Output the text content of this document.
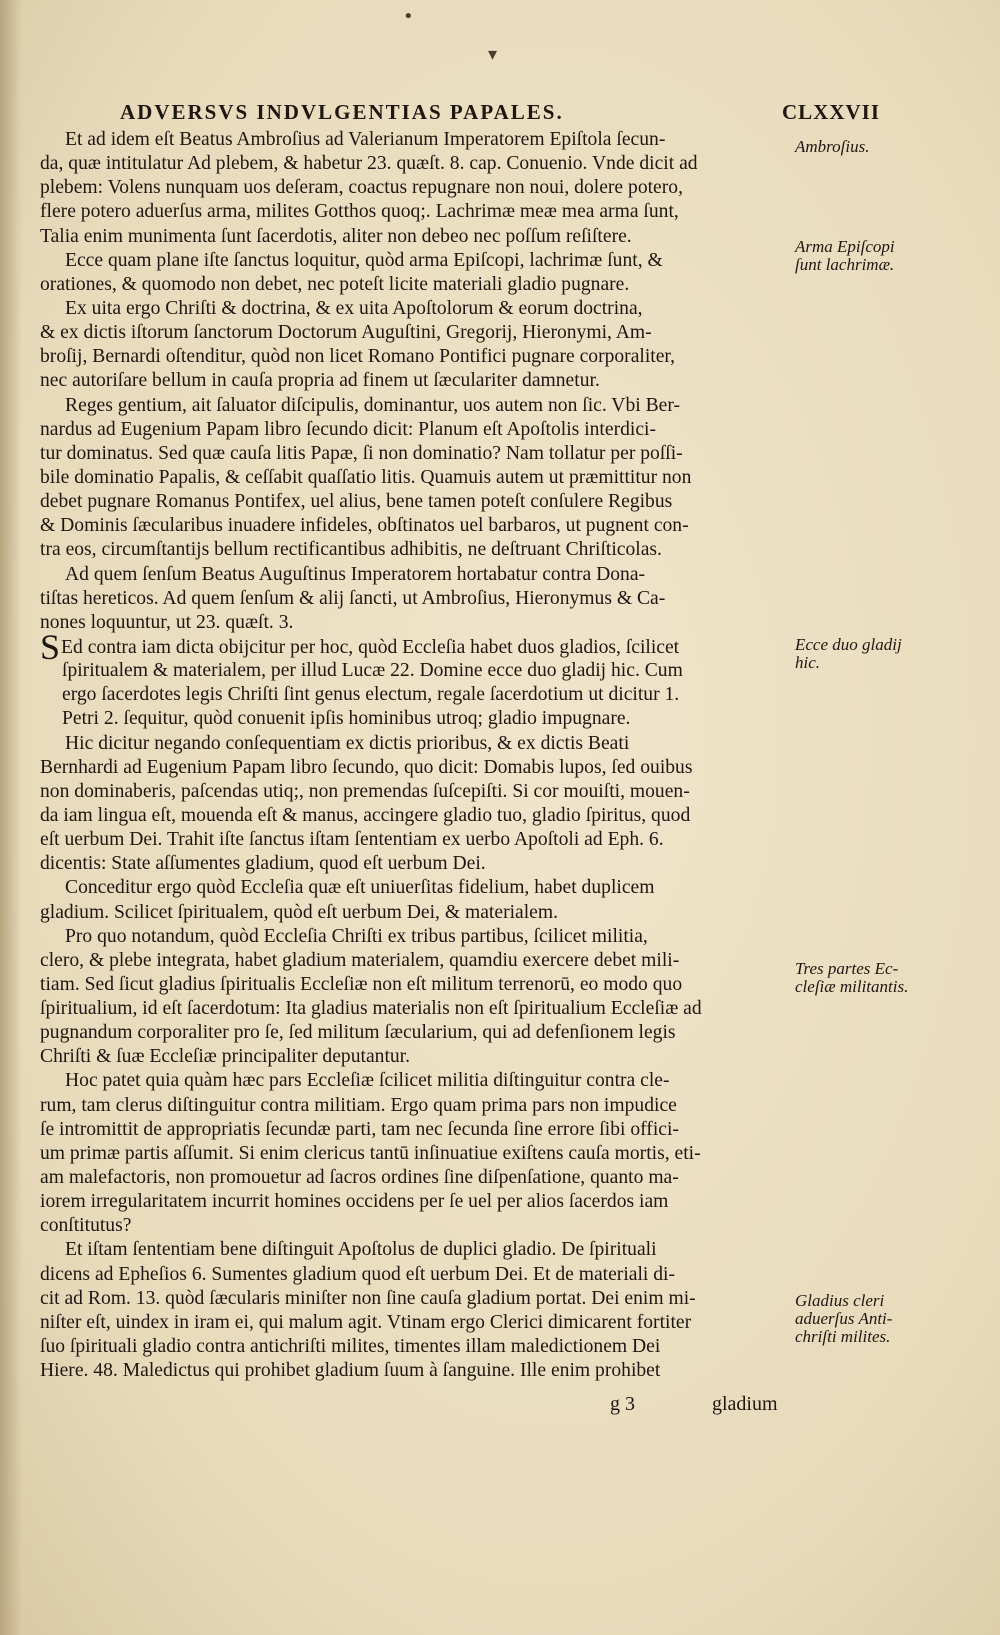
•
▾
ADVERSVS INDVLGENTIAS PAPALES.	CLXXVII
Et ad idem eſt Beatus Ambroſius ad Valerianum Imperatorem Epiſtola ſecun-
da, quæ intitulatur Ad plebem, & habetur 23. quæſt. 8. cap. Conuenio. Vnde dicit ad
plebem: Volens nunquam uos deſeram, coactus repugnare non noui, dolere potero,
flere potero aduerſus arma, milites Gotthos quoq;. Lachrimæ meæ mea arma ſunt,
Talia enim munimenta ſunt ſacerdotis, aliter non debeo nec poſſum reſiſtere.
Ecce quam plane iſte ſanctus loquitur, quòd arma Epiſcopi, lachrimæ ſunt, &
orationes, & quomodo non debet, nec poteſt licite materiali gladio pugnare.
Ex uita ergo Chriſti & doctrina, & ex uita Apoſtolorum & eorum doctrina,
& ex dictis iſtorum ſanctorum Doctorum Auguſtini, Gregorij, Hieronymi, Am-
broſij, Bernardi oſtenditur, quòd non licet Romano Pontifici pugnare corporaliter,
nec autoriſare bellum in cauſa propria ad finem ut ſæculariter damnetur.
Reges gentium, ait ſaluator diſcipulis, dominantur, uos autem non ſic. Vbi Ber-
nardus ad Eugenium Papam libro ſecundo dicit: Planum eſt Apoſtolis interdici-
tur dominatus. Sed quæ cauſa litis Papæ, ſi non dominatio? Nam tollatur per poſſi-
bile dominatio Papalis, & ceſſabit quaſſatio litis. Quamuis autem ut præmittitur non
debet pugnare Romanus Pontifex, uel alius, bene tamen poteſt conſulere Regibus
& Dominis ſæcularibus inuadere infideles, obſtinatos uel barbaros, ut pugnent con-
tra eos, circumſtantijs bellum rectificantibus adhibitis, ne deſtruant Chriſticolas.
Ad quem ſenſum Beatus Auguſtinus Imperatorem hortabatur contra Dona-
tiſtas hereticos. Ad quem ſenſum & alij ſancti, ut Ambroſius, Hieronymus & Ca-
nones loquuntur, ut 23. quæſt. 3.
SEd contra iam dicta obijcitur per hoc, quòd Eccleſia habet duos gladios, ſcilicet
ſpiritualem & materialem, per illud Lucæ 22. Domine ecce duo gladij hic. Cum
ergo ſacerdotes legis Chriſti ſint genus electum, regale ſacerdotium ut dicitur 1.
Petri 2. ſequitur, quòd conuenit ipſis hominibus utroq; gladio impugnare.
Hic dicitur negando conſequentiam ex dictis prioribus, & ex dictis Beati
Bernhardi ad Eugenium Papam libro ſecundo, quo dicit: Domabis lupos, ſed ouibus
non dominaberis, paſcendas utiq;, non premendas ſuſcepiſti. Si cor mouiſti, mouen-
da iam lingua eſt, mouenda eſt & manus, accingere gladio tuo, gladio ſpiritus, quod
eſt uerbum Dei. Trahit iſte ſanctus iſtam ſententiam ex uerbo Apoſtoli ad Eph. 6.
dicentis: State aſſumentes gladium, quod eſt uerbum Dei.
Conceditur ergo quòd Eccleſia quæ eſt uniuerſitas fidelium, habet duplicem
gladium. Scilicet ſpiritualem, quòd eſt uerbum Dei, & materialem.
Pro quo notandum, quòd Eccleſia Chriſti ex tribus partibus, ſcilicet militia,
clero, & plebe integrata, habet gladium materialem, quamdiu exercere debet mili-
tiam. Sed ſicut gladius ſpiritualis Eccleſiæ non eſt militum terrenorū, eo modo quo
ſpiritualium, id eſt ſacerdotum: Ita gladius materialis non eſt ſpiritualium Eccleſiæ ad
pugnandum corporaliter pro ſe, ſed militum ſæcularium, qui ad defenſionem legis
Chriſti & ſuæ Eccleſiæ principaliter deputantur.
Hoc patet quia quàm hæc pars Eccleſiæ ſcilicet militia diſtinguitur contra cle-
rum, tam clerus diſtinguitur contra militiam. Ergo quam prima pars non impudice
ſe intromittit de appropriatis ſecundæ parti, tam nec ſecunda ſine errore ſibi offici-
um primæ partis aſſumit. Si enim clericus tantū inſinuatiue exiſtens cauſa mortis, eti-
am malefactoris, non promouetur ad ſacros ordines ſine diſpenſatione, quanto ma-
iorem irregularitatem incurrit homines occidens per ſe uel per alios ſacerdos iam
conſtitutus?
Et iſtam ſententiam bene diſtinguit Apoſtolus de duplici gladio. De ſpirituali
dicens ad Epheſios 6. Sumentes gladium quod eſt uerbum Dei. Et de materiali di-
cit ad Rom. 13. quòd ſæcularis miniſter non ſine cauſa gladium portat. Dei enim mi-
niſter eſt, uindex in iram ei, qui malum agit. Vtinam ergo Clerici dimicarent fortiter
ſuo ſpirituali gladio contra antichriſti milites, timentes illam maledictionem Dei
Hiere. 48. Maledictus qui prohibet gladium ſuum à ſanguine. Ille enim prohibet
g 3	gladium
Ambroſius.
Arma Epiſcopi
ſunt lachrimæ.
Ecce duo gladij
hic.
Tres partes Ec-
cleſiæ militantis.
Gladius cleri
aduerſus Anti-
chriſti milites.
